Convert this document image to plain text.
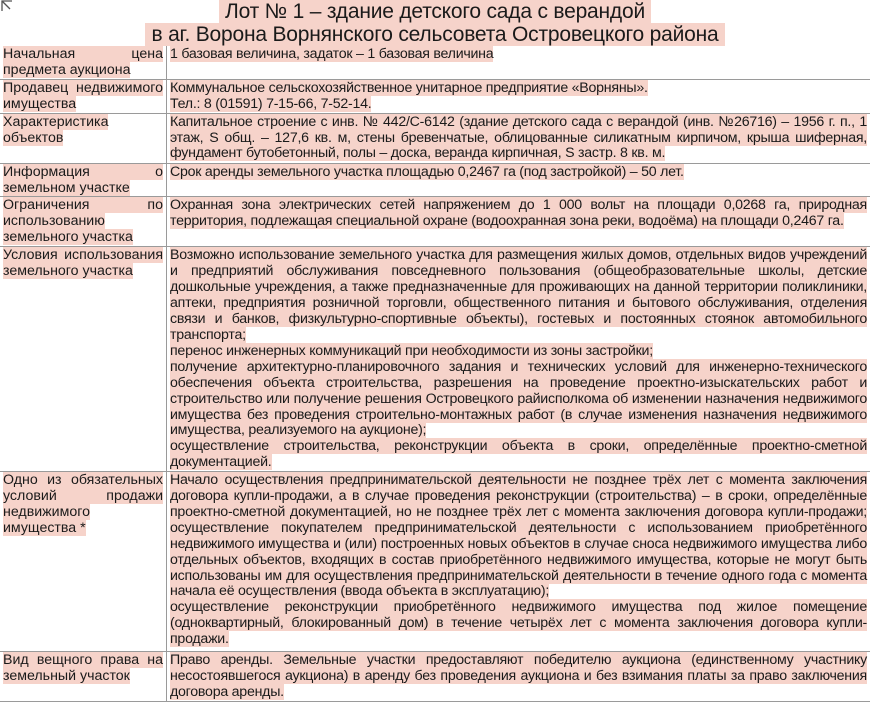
Лот № 1 – здание детского сада с верандой
в аг. Ворона Ворнянского сельсовета Островецкого района
Начальная цена предмета аукциона	1 базовая величина, задаток – 1 базовая величина
Продавец недвижимого имущества	Коммунальное сельскохозяйственное унитарное предприятие «Ворняны».
Тел.: 8 (01591) 7-15-66, 7-52-14.
Характеристика объектов	Капитальное строение с инв. № 442/С-6142 (здание детского сада с верандой (инв. №26716) – 1956 г. п., 1 этаж, S общ. – 127,6 кв. м, стены бревенчатые, облицованные силикатным кирпичом, крыша шиферная, фундамент бутобетонный, полы – доска, веранда кирпичная, S застр. 8 кв. м.
Информация о земельном участке	Срок аренды земельного участка площадью 0,2467 га (под застройкой) – 50 лет.
Ограничения по использованию земельного участка	Охранная зона электрических сетей напряжением до 1 000 вольт на площади 0,0268 га, природная территория, подлежащая специальной охране (водоохранная зона реки, водоёма) на площади 0,2467 га.
Условия использования земельного участка	Возможно использование земельного участка для размещения жилых домов, отдельных видов учреждений и предприятий обслуживания повседневного пользования (общеобразовательные школы, детские дошкольные учреждения, а также предназначенные для проживающих на данной территории поликлиники, аптеки, предприятия розничной торговли, общественного питания и бытового обслуживания, отделения связи и банков, физкультурно-спортивные объекты), гостевых и постоянных стоянок автомобильного транспорта;
перенос инженерных коммуникаций при необходимости из зоны застройки;
получение архитектурно-планировочного задания и технических условий для инженерно-технического обеспечения объекта строительства, разрешения на проведение проектно-изыскательских работ и строительство или получение решения Островецкого райисполкома об изменении назначения недвижимого имущества без проведения строительно-монтажных работ (в случае изменения назначения недвижимого имущества, реализуемого на аукционе);
осуществление строительства, реконструкции объекта в сроки, определённые проектно-сметной документацией.
Одно из обязательных условий продажи недвижимого имущества *	Начало осуществления предпринимательской деятельности не позднее трёх лет с момента заключения договора купли-продажи, а в случае проведения реконструкции (строительства) – в сроки, определённые проектно-сметной документацией, но не позднее трёх лет с момента заключения договора купли-продажи; осуществление покупателем предпринимательской деятельности с использованием приобретённого недвижимого имущества и (или) построенных новых объектов в случае сноса недвижимого имущества либо отдельных объектов, входящих в состав приобретённого недвижимого имущества, которые не могут быть использованы им для осуществления предпринимательской деятельности в течение одного года с момента начала её осуществления (ввода объекта в эксплуатацию);
осуществление реконструкции приобретённого недвижимого имущества под жилое помещение (одноквартирный, блокированный дом) в течение четырёх лет с момента заключения договора купли-продажи.
Вид вещного права на земельный участок	Право аренды. Земельные участки предоставляют победителю аукциона (единственному участнику несостоявшегося аукциона) в аренду без проведения аукциона и без взимания платы за право заключения договора аренды.
